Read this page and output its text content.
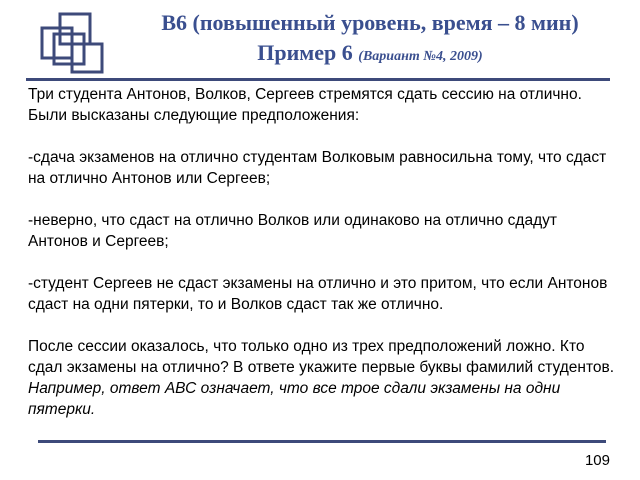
B6 (повышенный уровень, время – 8 мин)
Пример 6 (Вариант №4, 2009)

Три студента Антонов, Волков, Сергеев стремятся сдать сессию на отлично. Были высказаны следующие предположения:

-сдача экзаменов на отлично студентам Волковым равносильна тому, что сдаст на отлично Антонов или Сергеев;

-неверно, что сдаст на отлично Волков или одинаково на отлично сдадут Антонов и Сергеев;

-студент Сергеев не сдаст экзамены на отлично и это притом, что если Антонов сдаст на одни пятерки, то и Волков сдаст так же отлично.

После сессии оказалось, что только одно из трех предположений ложно. Кто сдал экзамены на отлично? В ответе укажите первые буквы фамилий студентов. Например, ответ АВС означает, что все трое сдали экзамены на одни пятерки.

109
